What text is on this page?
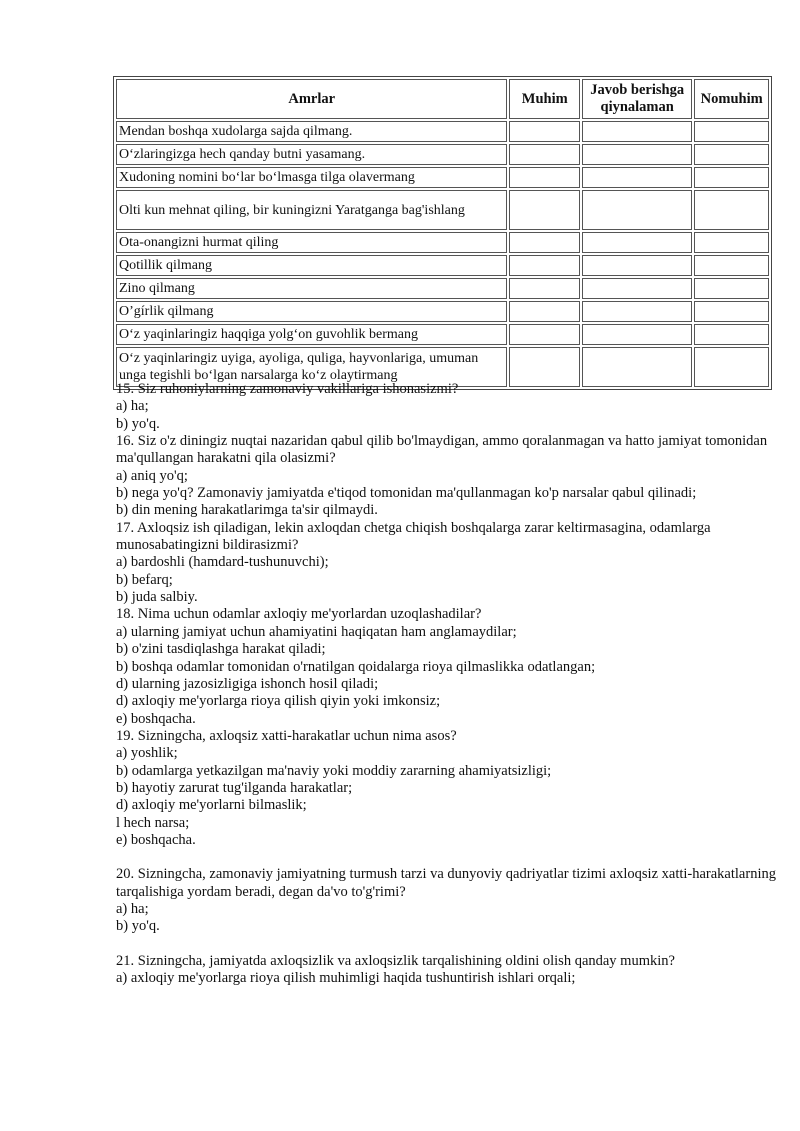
Amrlar	Muhim	Javob berishga qiynalaman	Nomuhim
Mendan boshqa xudolarga sajda qilmang.			
O‘zlaringizga hech qanday butni yasamang.			
Xudoning nomini bo‘lar bo‘lmasga tilga olavermang			
Olti kun mehnat qiling, bir kuningizni Yaratganga bag'ishlang			
Ota-onangizni hurmat qiling			
Qotillik qilmang			
Zino qilmang			
O’gírlik qilmang			
O‘z yaqinlaringiz haqqiga yolg‘on guvohlik bermang			
O‘z yaqinlaringiz uyiga, ayoliga, quliga, hayvonlariga, umuman unga tegishli bo‘lgan narsalarga ko‘z olaytirmang			

15. Siz ruhoniylarning zamonaviy vakillariga ishonasizmi?

a) ha;

b) yo'q.

16. Siz o'z diningiz nuqtai nazaridan qabul qilib bo'lmaydigan, ammo qoralanmagan va hatto jamiyat tomonidan ma'qullangan harakatni qila olasizmi?

a) aniq yo'q;

b) nega yo'q? Zamonaviy jamiyatda e'tiqod tomonidan ma'qullanmagan ko'p narsalar qabul qilinadi;

b) din mening harakatlarimga ta'sir qilmaydi.

17. Axloqsiz ish qiladigan, lekin axloqdan chetga chiqish boshqalarga zarar keltirmasagina, odamlarga munosabatingizni bildirasizmi?

a) bardoshli (hamdard-tushunuvchi);

b) befarq;

b) juda salbiy.

18. Nima uchun odamlar axloqiy me'yorlardan uzoqlashadilar?

a) ularning jamiyat uchun ahamiyatini haqiqatan ham anglamaydilar;

b) o'zini tasdiqlashga harakat qiladi;

b) boshqa odamlar tomonidan o'rnatilgan qoidalarga rioya qilmaslikka odatlangan;

d) ularning jazosizligiga ishonch hosil qiladi;

d) axloqiy me'yorlarga rioya qilish qiyin yoki imkonsiz;

e) boshqacha.

19. Sizningcha, axloqsiz xatti-harakatlar uchun nima asos?

a) yoshlik;

b) odamlarga yetkazilgan ma'naviy yoki moddiy zararning ahamiyatsizligi;

b) hayotiy zarurat tug'ilganda harakatlar;

d) axloqiy me'yorlarni bilmaslik;

l hech narsa;

e) boshqacha.

20. Sizningcha, zamonaviy jamiyatning turmush tarzi va dunyoviy qadriyatlar tizimi axloqsiz xatti-harakatlarning tarqalishiga yordam beradi, degan da'vo to'g'rimi?

a) ha;

b) yo'q.

21. Sizningcha, jamiyatda axloqsizlik va axloqsizlik tarqalishining oldini olish qanday mumkin?

a) axloqiy me'yorlarga rioya qilish muhimligi haqida tushuntirish ishlari orqali;
